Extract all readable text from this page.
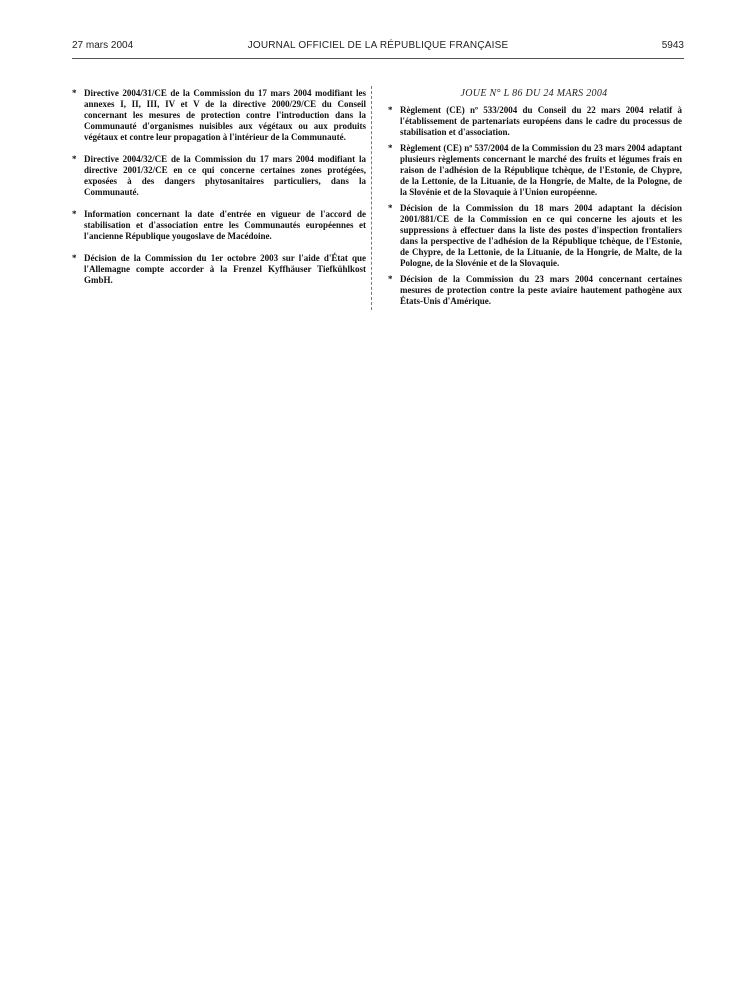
27 mars 2004	JOURNAL OFFICIEL DE LA RÉPUBLIQUE FRANÇAISE	5943
* Directive 2004/31/CE de la Commission du 17 mars 2004 modifiant les annexes I, II, III, IV et V de la directive 2000/29/CE du Conseil concernant les mesures de protection contre l'introduction dans la Communauté d'organismes nuisibles aux végétaux ou aux produits végétaux et contre leur propagation à l'intérieur de la Communauté.
* Directive 2004/32/CE de la Commission du 17 mars 2004 modifiant la directive 2001/32/CE en ce qui concerne certaines zones protégées, exposées à des dangers phytosanitaires particuliers, dans la Communauté.
* Information concernant la date d'entrée en vigueur de l'accord de stabilisation et d'association entre les Communautés européennes et l'ancienne République yougoslave de Macédoine.
* Décision de la Commission du 1er octobre 2003 sur l'aide d'État que l'Allemagne compte accorder à la Frenzel Kyffhäuser Tiefkühlkost GmbH.
JOUE N° L 86 DU 24 MARS 2004
* Règlement (CE) nº 533/2004 du Conseil du 22 mars 2004 relatif à l'établissement de partenariats européens dans le cadre du processus de stabilisation et d'association.
* Règlement (CE) nº 537/2004 de la Commission du 23 mars 2004 adaptant plusieurs règlements concernant le marché des fruits et légumes frais en raison de l'adhésion de la République tchèque, de l'Estonie, de Chypre, de la Lettonie, de la Lituanie, de la Hongrie, de Malte, de la Pologne, de la Slovénie et de la Slovaquie à l'Union européenne.
* Décision de la Commission du 18 mars 2004 adaptant la décision 2001/881/CE de la Commission en ce qui concerne les ajouts et les suppressions à effectuer dans la liste des postes d'inspection frontaliers dans la perspective de l'adhésion de la République tchèque, de l'Estonie, de Chypre, de la Lettonie, de la Lituanie, de la Hongrie, de Malte, de la Pologne, de la Slovénie et de la Slovaquie.
* Décision de la Commission du 23 mars 2004 concernant certaines mesures de protection contre la peste aviaire hautement pathogène aux États-Unis d'Amérique.
